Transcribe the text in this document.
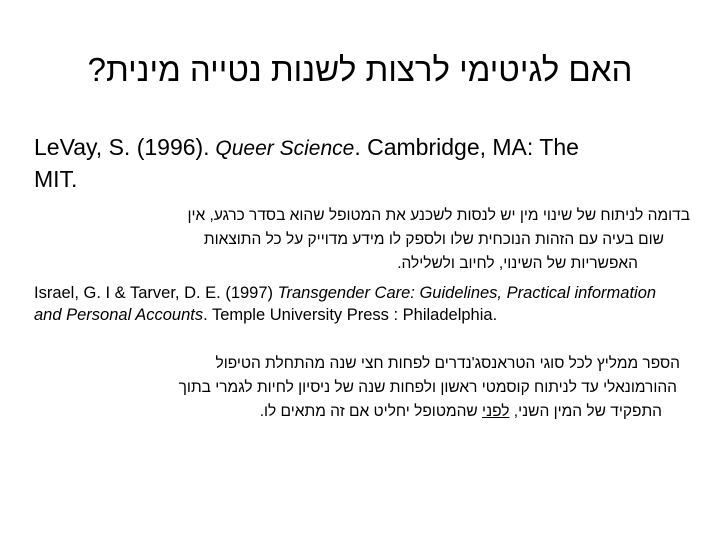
האם לגיטימי לרצות לשנות נטייה מינית?
LeVay, S. (1996). Queer Science. Cambridge, MA: The
MIT.
בדומה לניתוח של שינוי מין יש לנסות לשכנע את המטופל שהוא בסדר כרגע, אין
שום בעיה עם הזהות הנוכחית שלו ולספק לו מידע מדוייק על כל התוצאות
האפשריות של השינוי, לחיוב ולשלילה.
Israel, G. I & Tarver, D. E. (1997) Transgender Care: Guidelines, Practical information and Personal Accounts. Temple University Press : Philadelphia.
הספר ממליץ לכל סוגי הטראנסג'נדרים לפחות חצי שנה מהתחלת הטיפול
ההורמונאלי עד לניתוח קוסמטי ראשון ולפחות שנה של ניסיון לחיות לגמרי בתוך
התפקיד של המין השני, לפני שהמטופל יחליט אם זה מתאים לו.
